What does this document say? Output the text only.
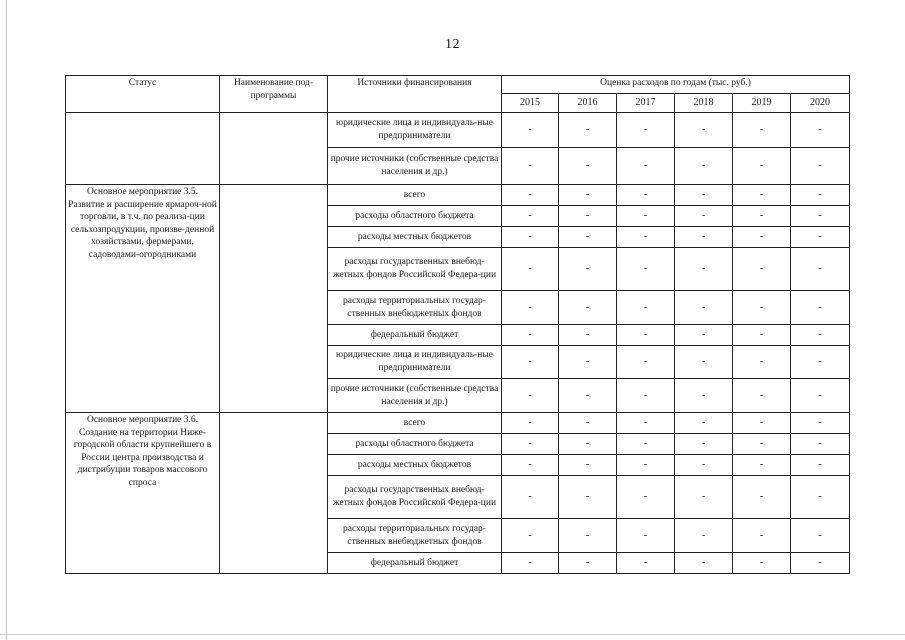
12
Статус	Наименование под-программы	Источники финансирования	Оценка расходов по годам (тыс. руб.)					
			2015	2016	2017	2018	2019	2020
		юридические лица и индивидуаль-ные предприниматели	-	-	-	-	-	-
		прочие источники (собственные средства населения и др.)	-	-	-	-	-	-
Основное мероприятие 3.5. Развитие и расширение ярмароч-ной торговли, в т.ч. по реализа-ции сельхозпродукции, произве-денной хозяйствами, фермерами, садоводами-огородниками		всего	-	-	-	-	-	-
		расходы областного бюджета	-	-	-	-	-	-
		расходы местных бюджетов	-	-	-	-	-	-
		расходы государственных внебюд-жетных фондов Российской Федера-ции	-	-	-	-	-	-
		расходы территориальных государ-ственных внебюджетных фондов	-	-	-	-	-	-
		федеральный бюджет	-	-	-	-	-	-
		юридические лица и индивидуаль-ные предприниматели	-	-	-	-	-	-
		прочие источники (собственные средства населения и др.)	-	-	-	-	-	-
Основное мероприятие 3.6. Создание на территории Ниже-городской области крупнейшего в России центра производства и дистрибуции товаров массового спроса		всего	-	-	-	-	-	-
		расходы областного бюджета	-	-	-	-	-	-
		расходы местных бюджетов	-	-	-	-	-	-
		расходы государственных внебюд-жетных фондов Российской Федера-ции	-	-	-	-	-	-
		расходы территориальных государ-ственных внебюджетных фондов	-	-	-	-	-	-
		федеральный бюджет	-	-	-	-	-	-
